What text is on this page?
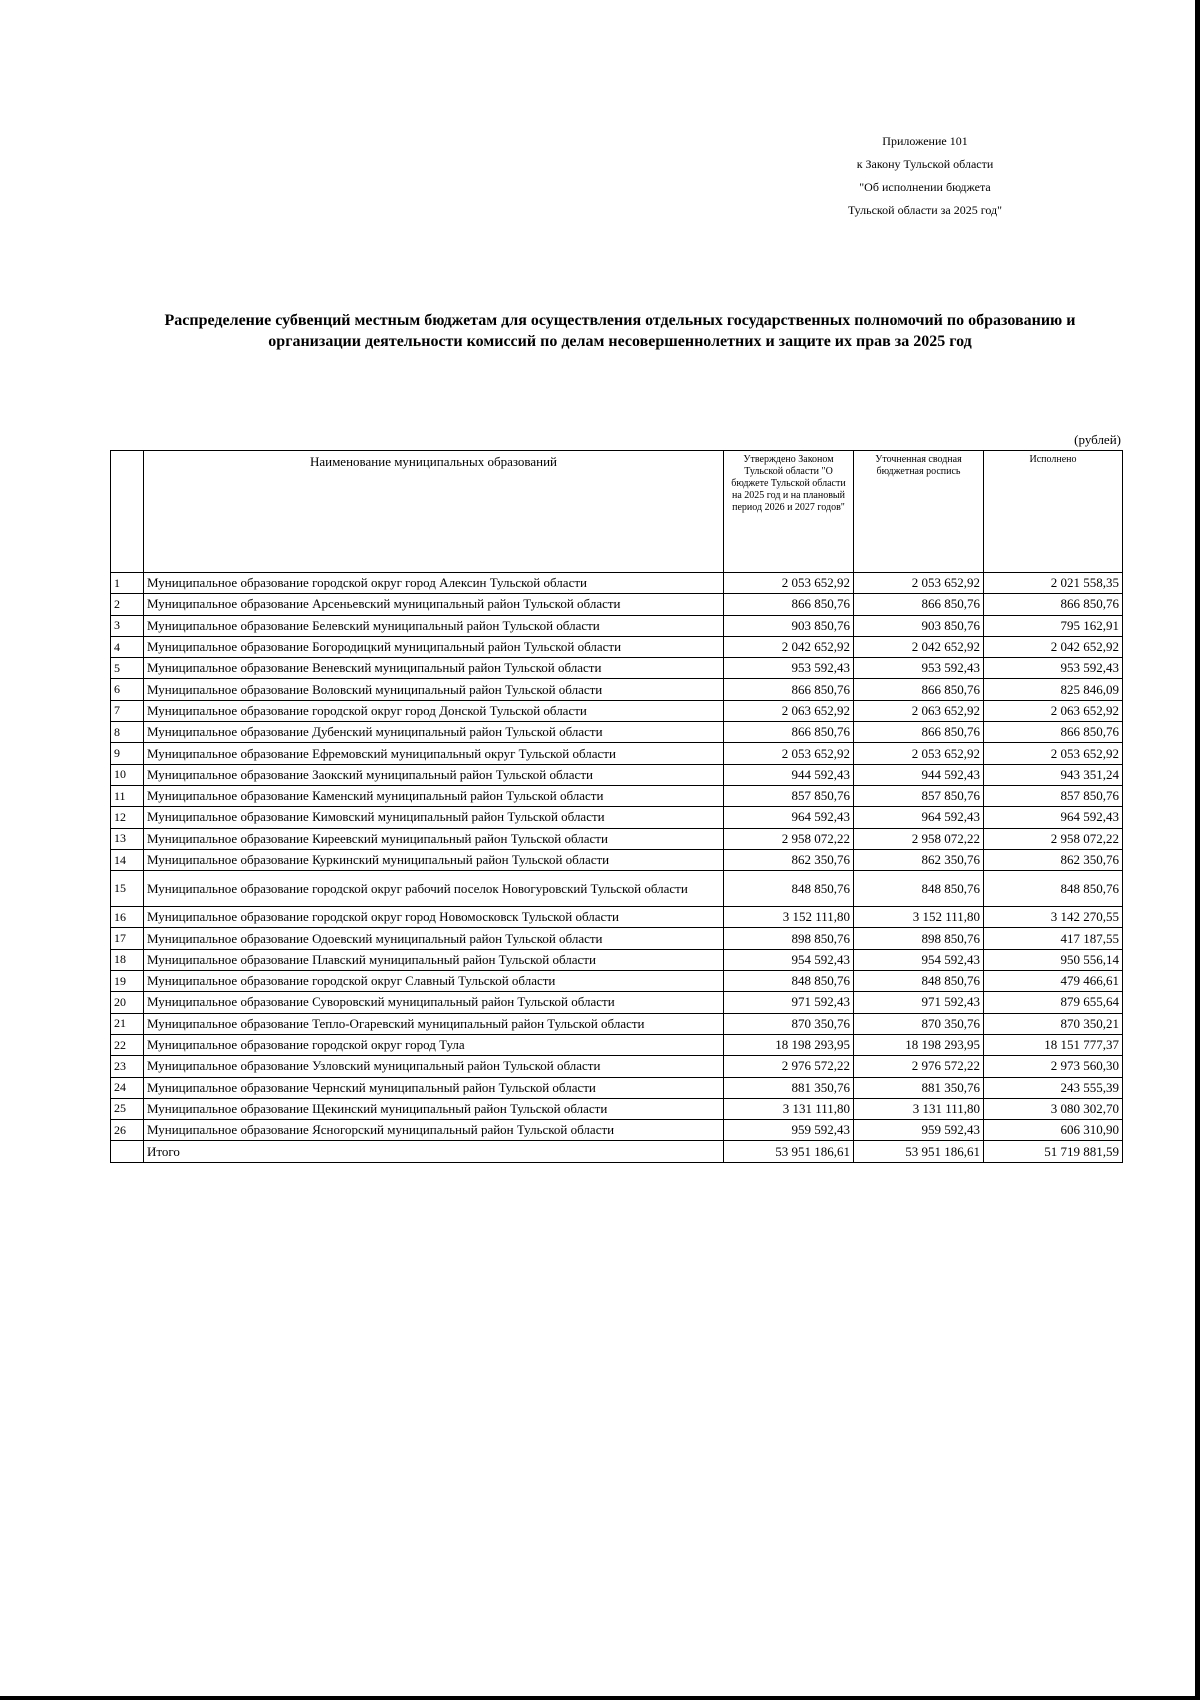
Приложение 101
к Закону Тульской области
"Об исполнении бюджета
Тульской области за 2025 год"
Распределение субвенций местным бюджетам для осуществления отдельных государственных полномочий по образованию и
организации деятельности комиссий по делам несовершеннолетних и защите их прав за 2025 год
(рублей)
	Наименование муниципальных образований	Утверждено Законом Тульской области "О бюджете Тульской области на 2025 год и на плановый период 2026 и 2027 годов"	Уточненная сводная бюджетная роспись	Исполнено
1	Муниципальное образование городской округ город Алексин Тульской области	2 053 652,92	2 053 652,92	2 021 558,35
2	Муниципальное образование Арсеньевский муниципальный район Тульской области	866 850,76	866 850,76	866 850,76
3	Муниципальное образование Белевский муниципальный район Тульской области	903 850,76	903 850,76	795 162,91
4	Муниципальное образование Богородицкий муниципальный район Тульской области	2 042 652,92	2 042 652,92	2 042 652,92
5	Муниципальное образование Веневский муниципальный район Тульской области	953 592,43	953 592,43	953 592,43
6	Муниципальное образование Воловский муниципальный район Тульской области	866 850,76	866 850,76	825 846,09
7	Муниципальное образование городской округ город Донской Тульской области	2 063 652,92	2 063 652,92	2 063 652,92
8	Муниципальное образование Дубенский муниципальный район Тульской области	866 850,76	866 850,76	866 850,76
9	Муниципальное образование Ефремовский муниципальный округ Тульской области	2 053 652,92	2 053 652,92	2 053 652,92
10	Муниципальное образование Заокский муниципальный район Тульской области	944 592,43	944 592,43	943 351,24
11	Муниципальное образование Каменский муниципальный район Тульской области	857 850,76	857 850,76	857 850,76
12	Муниципальное образование Кимовский муниципальный район Тульской области	964 592,43	964 592,43	964 592,43
13	Муниципальное образование Киреевский муниципальный район Тульской области	2 958 072,22	2 958 072,22	2 958 072,22
14	Муниципальное образование Куркинский муниципальный район Тульской области	862 350,76	862 350,76	862 350,76
15	Муниципальное образование городской округ рабочий поселок Новогуровский Тульской области	848 850,76	848 850,76	848 850,76
16	Муниципальное образование городской округ город Новомосковск Тульской области	3 152 111,80	3 152 111,80	3 142 270,55
17	Муниципальное образование Одоевский муниципальный район Тульской области	898 850,76	898 850,76	417 187,55
18	Муниципальное образование Плавский муниципальный район Тульской области	954 592,43	954 592,43	950 556,14
19	Муниципальное образование городской округ Славный Тульской области	848 850,76	848 850,76	479 466,61
20	Муниципальное образование Суворовский муниципальный район Тульской области	971 592,43	971 592,43	879 655,64
21	Муниципальное образование Тепло-Огаревский муниципальный район Тульской области	870 350,76	870 350,76	870 350,21
22	Муниципальное образование городской округ город Тула	18 198 293,95	18 198 293,95	18 151 777,37
23	Муниципальное образование Узловский муниципальный район Тульской области	2 976 572,22	2 976 572,22	2 973 560,30
24	Муниципальное образование Чернский муниципальный район Тульской области	881 350,76	881 350,76	243 555,39
25	Муниципальное образование Щекинский муниципальный район Тульской области	3 131 111,80	3 131 111,80	3 080 302,70
26	Муниципальное образование Ясногорский муниципальный район Тульской области	959 592,43	959 592,43	606 310,90
	Итого	53 951 186,61	53 951 186,61	51 719 881,59
